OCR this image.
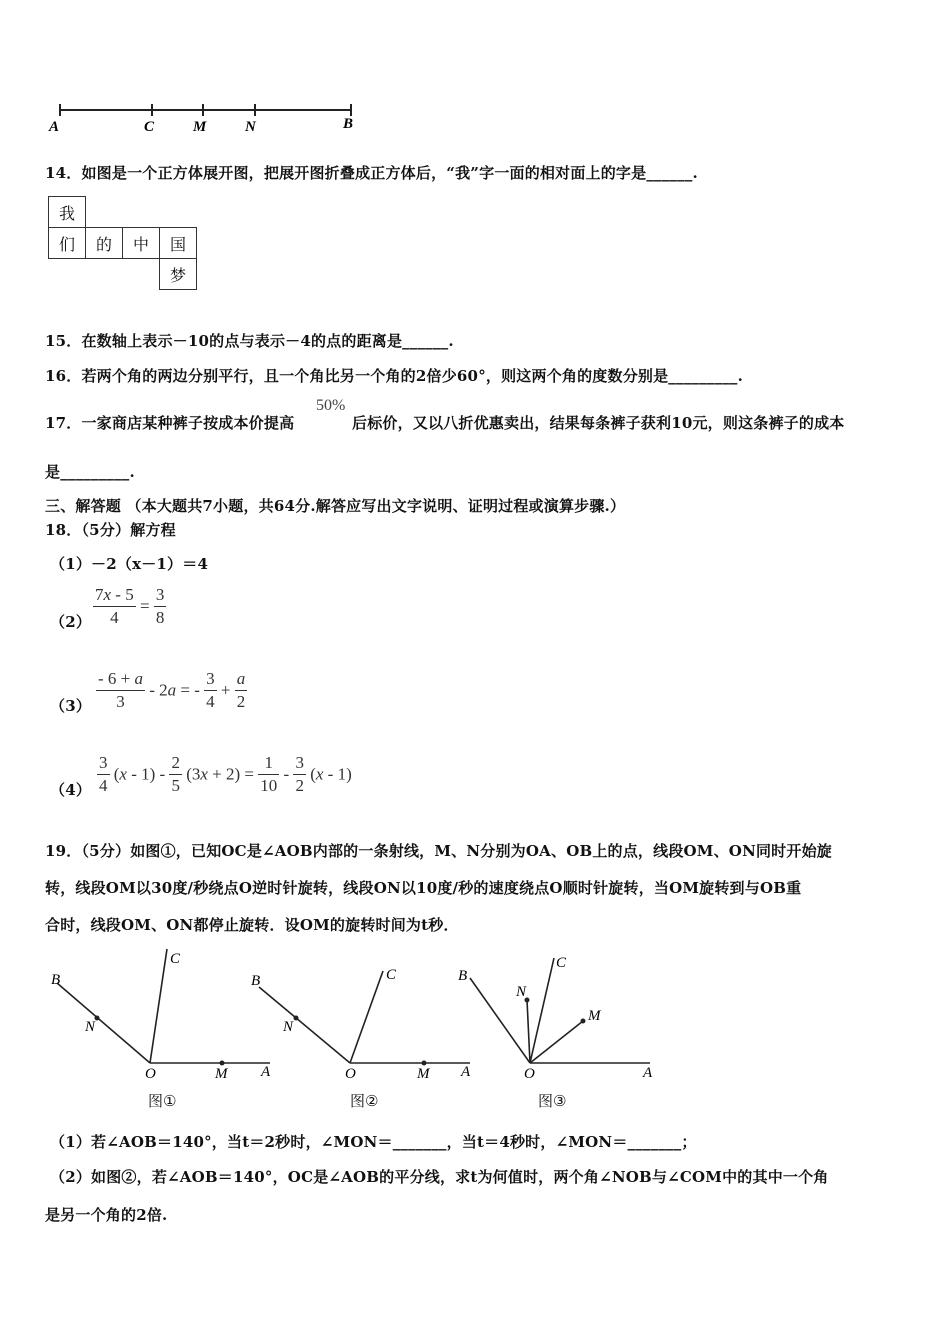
A	C	M	N	B
14．如图是一个正方体展开图，把展开图折叠成正方体后，“我”字一面的相对面上的字是______.
我			
们	的	中	国
			梦
15．在数轴上表示－10的点与表示－4的点的距离是______.
16．若两个角的两边分别平行，且一个角比另一个角的2倍少60°，则这两个角的度数分别是_________.
17．一家商店某种裤子按成本价提高
50%
后标价，又以八折优惠卖出，结果每条裤子获利10元，则这条裤子的成本
是_________.
三、解答题 （本大题共7小题，共64分.解答应写出文字说明、证明过程或演算步骤.）
18．（5分）解方程
（1）－2（x－1）＝4
$(2) \frac{7x - 5}{4} = \frac{3}{8}$
$(3) \frac{- 6 + a}{3} - 2a$ = - $\frac{3}{4} + \frac{a}{2}$
$(4) \frac{3}{4} (x - 1) - \frac{2}{5} (3x + 2) = \frac{1}{10} - \frac{3}{2} (x - 1)$
19．（5分）如图①，已知OC是∠AOB内部的一条射线，M、N分别为OA、OB上的点，线段OM、ON同时开始旋
转，线段OM以30度/秒绕点O逆时针旋转，线段ON以10度/秒的速度绕点O顺时针旋转，当OM旋转到与OB重
合时，线段OM、ON都停止旋转．设OM的旋转时间为t秒．
B
N
C
O	M A
图①
B
N
C
O	M A
图②
B
N
C
M
O	A
图③
（1）若∠AOB＝140°，当t＝2秒时，∠MON＝_______，当t＝4秒时，∠MON＝_______；
（2）如图②，若∠AOB＝140°，OC是∠AOB的平分线，求t为何值时，两个角∠NOB与∠COM中的其中一个角
是另一个角的2倍.
